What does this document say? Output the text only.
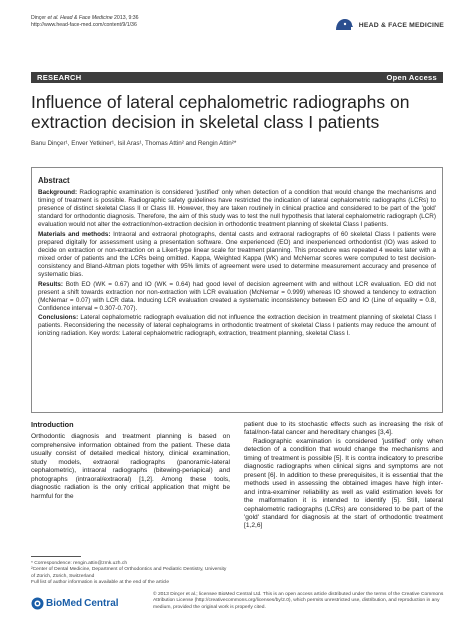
Dinçer et al. Head & Face Medicine 2013, 9:36
http://www.head-face-med.com/content/9/1/36	HEAD & FACE MEDICINE
RESEARCH	Open Access
Influence of lateral cephalometric radiographs on extraction decision in skeletal class I patients
Banu Dinçer¹, Enver Yetkiner¹, Isil Aras¹, Thomas Attin² and Rengin Attin²*
Abstract

Background: Radiographic examination is considered 'justified' only when detection of a condition that would change the mechanisms and timing of treatment is possible. Radiographic safety guidelines have restricted the indication of lateral cephalometric radiographs (LCRs) to presence of distinct skeletal Class II or Class III. However, they are taken routinely in clinical practice and considered to be part of the 'gold' standard for orthodontic diagnosis. Therefore, the aim of this study was to test the null hypothesis that lateral cephalometric radiograph (LCR) evaluation would not alter the extraction/non-extraction decision in orthodontic treatment planning of skeletal Class I patients.

Materials and methods: Intraoral and extraoral photographs, dental casts and extraoral radiographs of 60 skeletal Class I patients were prepared digitally for assessment using a presentation software. One experienced (EO) and inexperienced orthodontist (IO) was asked to decide on extraction or non-extraction on a Likert-type linear scale for treatment planning. This procedure was repeated 4 weeks later with a mixed order of patients and the LCRs being omitted. Kappa, Weighted Kappa (WK) and McNemar scores were computed to test decision-consistency and Bland-Altman plots together with 95% limits of agreement were used to determine measurement accuracy and presence of systematic bias.

Results: Both EO (WK = 0.67) and IO (WK = 0.64) had good level of decision agreement with and without LCR evaluation. EO did not present a shift towards extraction nor non-extraction with LCR evaluation (McNemar = 0.999) whereas IO showed a tendency to extraction (McNemar = 0.07) with LCR data. Inducing LCR evaluation created a systematic inconsistency between EO and IO (Line of equality = 0.8, Confidence interval = 0.307-0.707).

Conclusions: Lateral cephalometric radiograph evaluation did not influence the extraction decision in treatment planning of skeletal Class I patients. Reconsidering the necessity of lateral cephalograms in orthodontic treatment of skeletal Class I patients may reduce the amount of ionizing radiation. Key words: Lateral cephalometric radiograph, extraction, treatment planning, skeletal Class I.

Introduction

Orthodontic diagnosis and treatment planning is based on comprehensive information obtained from the patient. These data usually consist of detailed medical history, clinical examination, study models, extraoral radiographs (panoramic-lateral cephalometric), intraoral radiographs (bitewing-periapical) and photographs (intraoral/extraoral) [1,2]. Among these tools, diagnostic radiation is the only critical application that might be harmful for the

patient due to its stochastic effects such as increasing the risk of fatal/non-fatal cancer and hereditary changes [3,4].

Radiographic examination is considered 'justified' only when detection of a condition that would change the mechanisms and timing of treatment is possible [5]. It is contra indicatory to prescribe diagnostic radiographs when clinical signs and symptoms are not present [6]. In addition to these prerequisites, it is essential that the methods used in assessing the obtained images have high inter- and intra-examiner reliability as well as valid estimation levels for the malformation it is intended to identify [5]. Still, lateral cephalometric radiographs (LCRs) are considered to be part of the 'gold' standard for diagnosis at the start of orthodontic treatment [1,2,6]

* Correspondence: rengin.attin@zmk.uzh.ch
²Center of Dental Medicine, Department of Orthodontics and Pediatric Dentistry, University of Zürich, Zürich, Switzerland
Full list of author information is available at the end of the article
BioMed Central
© 2013 Dinçer et al.; licensee BioMed Central Ltd. This is an open access article distributed under the terms of the Creative Commons Attribution License (http://creativecommons.org/licenses/by/2.0), which permits unrestricted use, distribution, and reproduction in any medium, provided the original work is properly cited.
